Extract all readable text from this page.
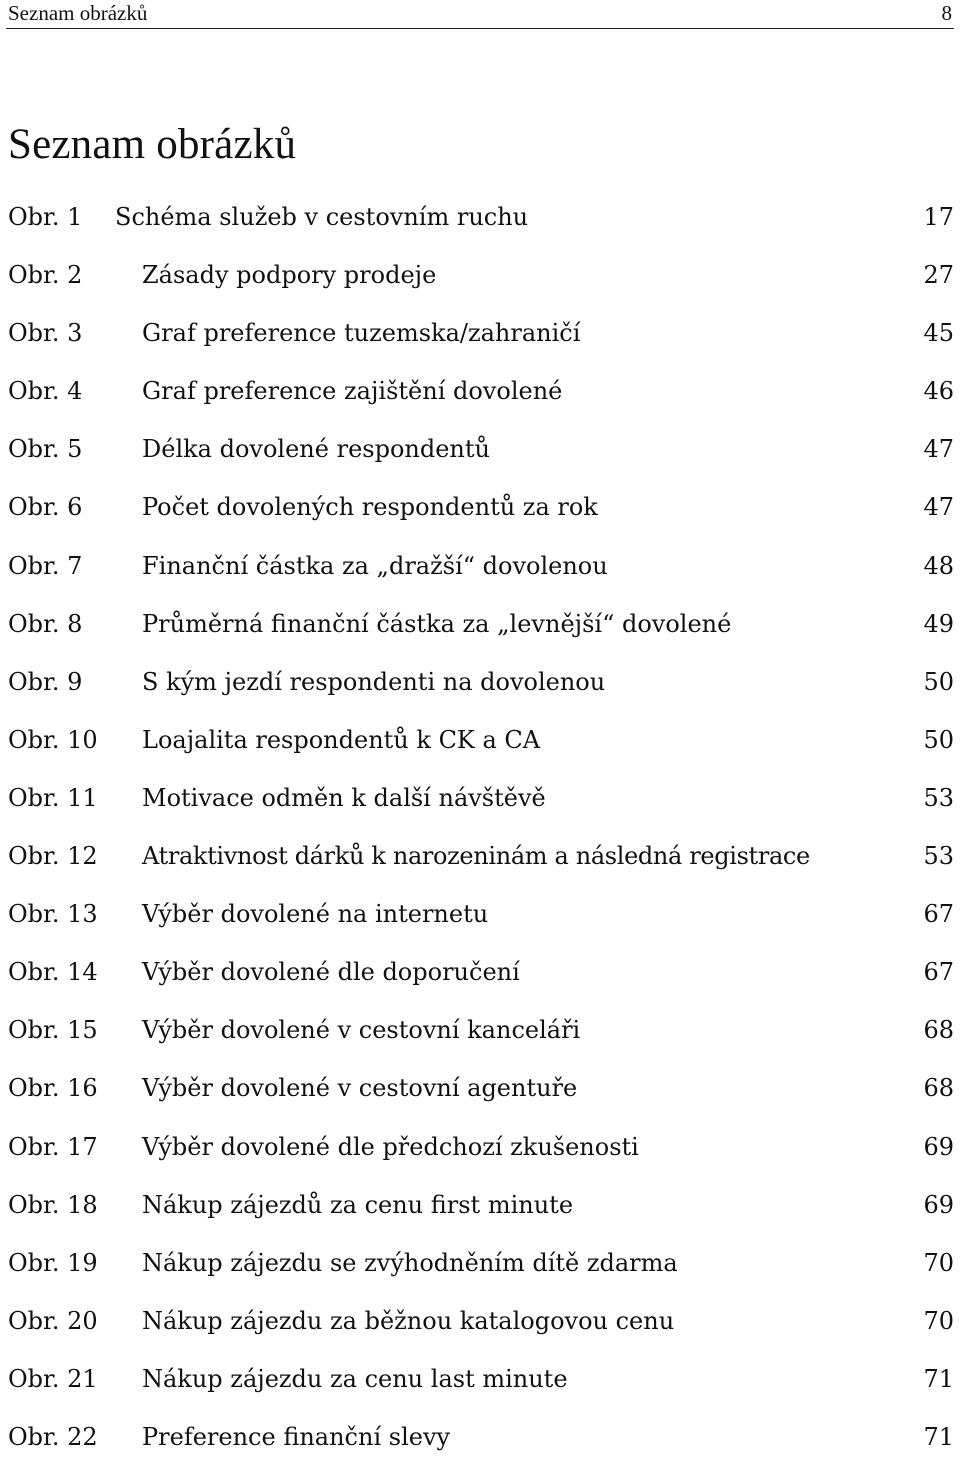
Seznam obrázků	8
Seznam obrázků
Obr. 1 Schéma služeb v cestovním ruchu	17
Obr. 2 Zásady podpory prodeje	27
Obr. 3 Graf preference tuzemska/zahraničí	45
Obr. 4 Graf preference zajištění dovolené	46
Obr. 5 Délka dovolené respondentů	47
Obr. 6 Počet dovolených respondentů za rok	47
Obr. 7 Finanční částka za „dražší“ dovolenou	48
Obr. 8 Průměrná finanční částka za „levnější“ dovolené	49
Obr. 9 S kým jezdí respondenti na dovolenou	50
Obr. 10 Loajalita respondentů k CK a CA	50
Obr. 11 Motivace odměn k další návštěvě	53
Obr. 12 Atraktivnost dárků k narozeninám a následná registrace	53
Obr. 13 Výběr dovolené na internetu	67
Obr. 14 Výběr dovolené dle doporučení	67
Obr. 15 Výběr dovolené v cestovní kanceláři	68
Obr. 16 Výběr dovolené v cestovní agentuře	68
Obr. 17 Výběr dovolené dle předchozí zkušenosti	69
Obr. 18 Nákup zájezdů za cenu first minute	69
Obr. 19 Nákup zájezdu se zvýhodněním dítě zdarma	70
Obr. 20 Nákup zájezdu za běžnou katalogovou cenu	70
Obr. 21 Nákup zájezdu za cenu last minute	71
Obr. 22 Preference finanční slevy	71
